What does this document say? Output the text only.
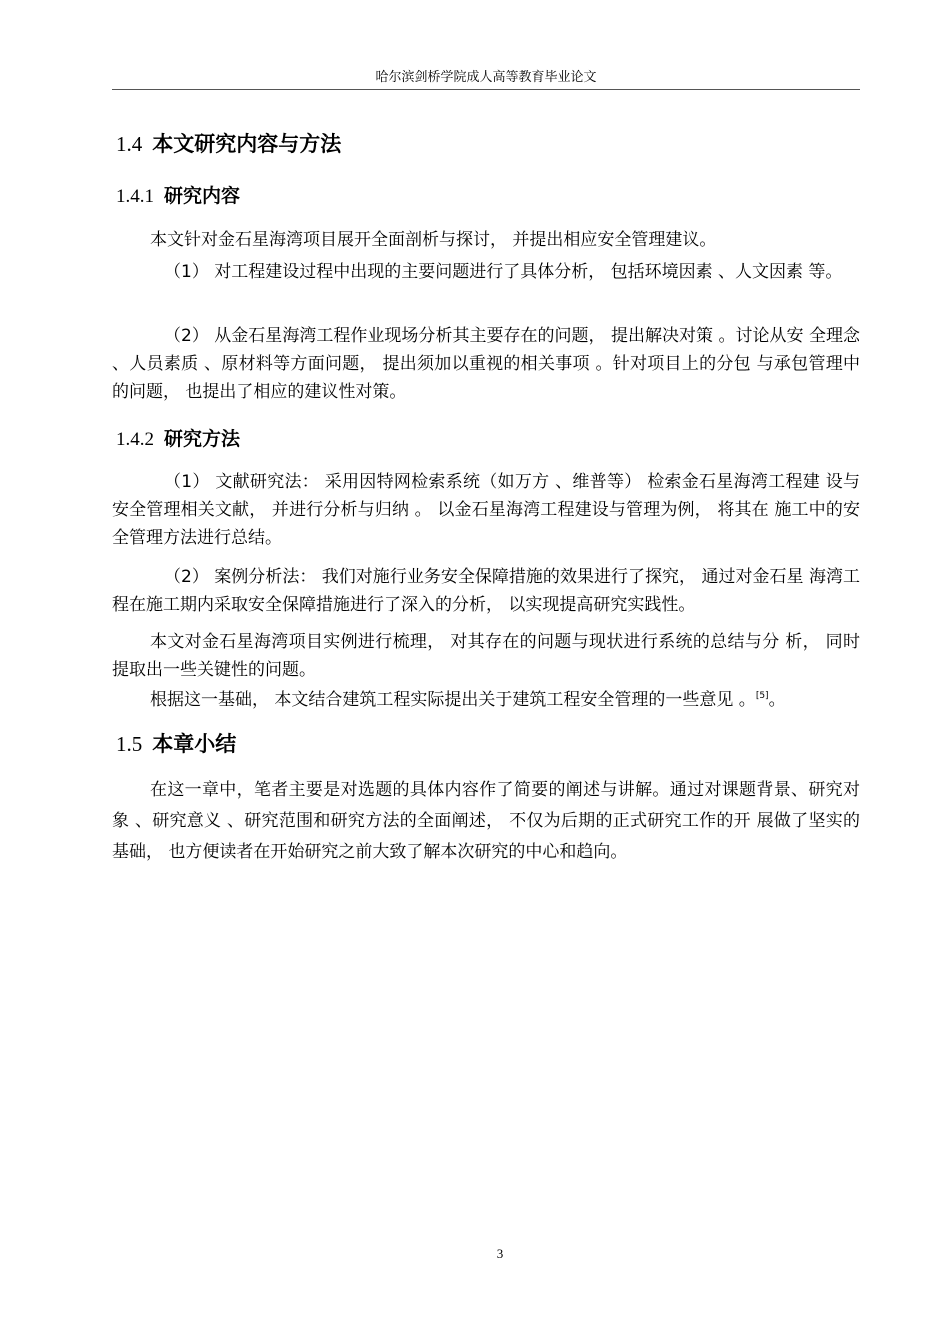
哈尔滨剑桥学院成人高等教育毕业论文
1.4 本文研究内容与方法
1.4.1 研究内容

本文针对金石星海湾项目展开全面剖析与探讨， 并提出相应安全管理建议。

（1） 对工程建设过程中出现的主要问题进行了具体分析， 包括环境因素 、人文因素 等。

（2） 从金石星海湾工程作业现场分析其主要存在的问题， 提出解决对策 。讨论从安 全理念 、人员素质 、原材料等方面问题， 提出须加以重视的相关事项 。针对项目上的分包 与承包管理中的问题， 也提出了相应的建议性对策。

1.4.2 研究方法

（1） 文献研究法： 采用因特网检索系统（如万方 、维普等） 检索金石星海湾工程建 设与安全管理相关文献， 并进行分析与归纳 。 以金石星海湾工程建设与管理为例， 将其在 施工中的安全管理方法进行总结。

（2） 案例分析法： 我们对施行业务安全保障措施的效果进行了探究， 通过对金石星 海湾工程在施工期内采取安全保障措施进行了深入的分析， 以实现提高研究实践性。

本文对金石星海湾项目实例进行梳理， 对其存在的问题与现状进行系统的总结与分 析， 同时提取出一些关键性的问题。

根据这一基础， 本文结合建筑工程实际提出关于建筑工程安全管理的一些意见 。[5]。

1.5 本章小结

在这一章中，笔者主要是对选题的具体内容作了简要的阐述与讲解。通过对课题背景、研究对象 、研究意义 、研究范围和研究方法的全面阐述， 不仅为后期的正式研究工作的开 展做了坚实的基础， 也方便读者在开始研究之前大致了解本次研究的中心和趋向。

3
